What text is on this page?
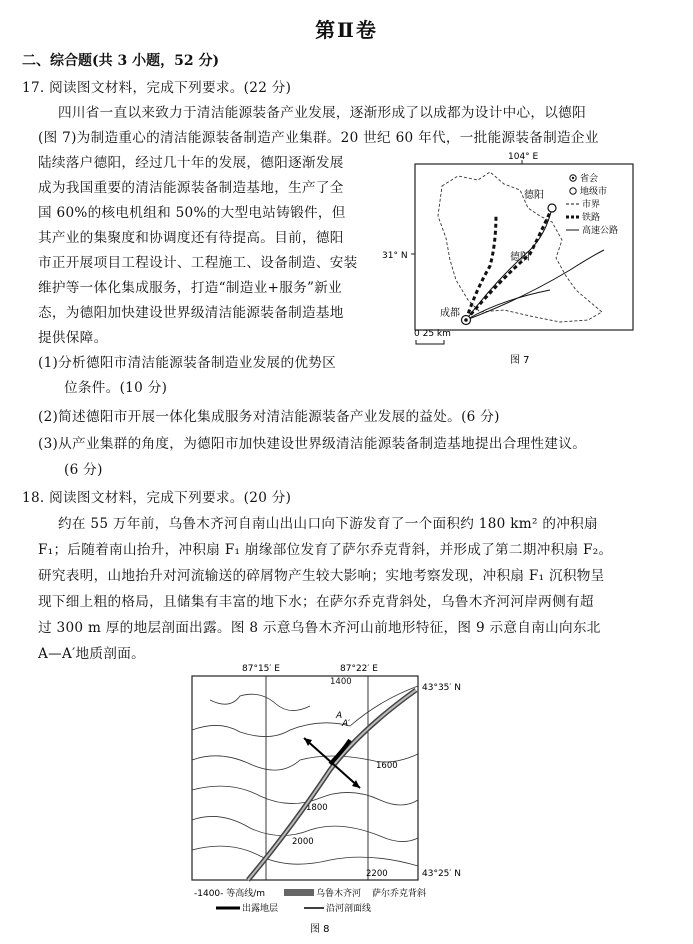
第Ⅱ卷
二、综合题(共 3 小题，52 分)
17. 阅读图文材料，完成下列要求。(22 分)
四川省一直以来致力于清洁能源装备产业发展，逐渐形成了以成都为设计中心，以德阳
(图 7)为制造重心的清洁能源装备制造产业集群。20 世纪 60 年代，一批能源装备制造企业
陆续落户德阳，经过几十年的发展，德阳逐渐发展
成为我国重要的清洁能源装备制造基地，生产了全
国 60%的核电机组和 50%的大型电站铸锻件，但
其产业的集聚度和协调度还有待提高。目前，德阳
市正开展项目工程设计、工程施工、设备制造、安装
维护等一体化集成服务，打造“制造业+服务”新业
态，为德阳加快建设世界级清洁能源装备制造基地
提供保障。
(1)分析德阳市清洁能源装备制造业发展的优势区
位条件。(10 分)
(2)简述德阳市开展一体化集成服务对清洁能源装备产业发展的益处。(6 分)
(3)从产业集群的角度，为德阳市加快建设世界级清洁能源装备制造基地提出合理性建议。
(6 分)
104° E
31° N
德阳
德阳
成都
省会
地级市
市界
铁路
高速公路
0 25 km
图 7
18. 阅读图文材料，完成下列要求。(20 分)
约在 55 万年前，乌鲁木齐河自南山出山口向下游发育了一个面积约 180 km² 的冲积扇
F₁；后随着南山抬升，冲积扇 F₁ 崩缘部位发育了萨尔乔克背斜，并形成了第二期冲积扇 F₂。
研究表明，山地抬升对河流输送的碎屑物产生较大影响；实地考察发现，冲积扇 F₁ 沉积物呈
现下细上粗的格局，且储集有丰富的地下水；在萨尔乔克背斜处，乌鲁木齐河河岸两侧有超
过 300 m 厚的地层剖面出露。图 8 示意乌鲁木齐河山前地形特征，图 9 示意自南山向东北
A—A′地质剖面。
87°15′ E	87°22′ E
43°35′ N
43°25′ N
1400
1600
1800
2000
2200
A′
A
-1400- 等高线/m	乌鲁木齐河 萨尔乔克背斜
出露地层	沿河剖面线
图 8
